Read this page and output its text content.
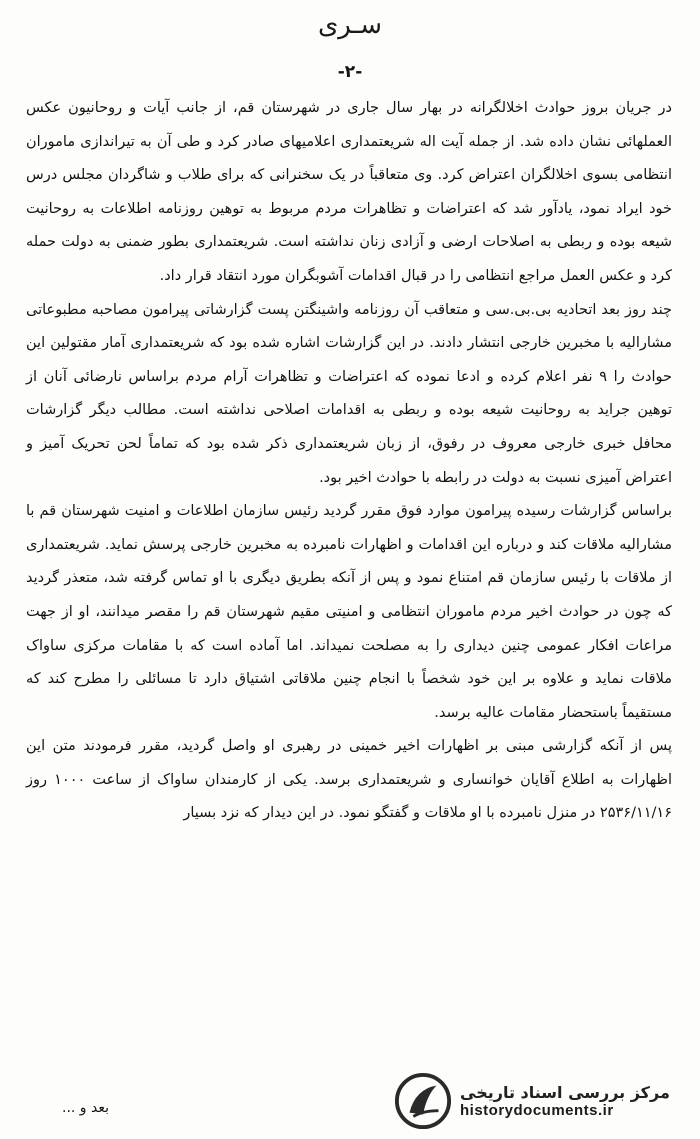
سـری
-۲-

در جریان بروز حوادث اخلالگرانه در بهار سال جاری در شهرستان قم، از جانب آیات و روحانیون عکس العملهائی نشان داده شد. از جمله آیت اله شریعتمداری اعلامیهای صادر کرد و طی آن به تیراندازی ماموران انتظامی بسوی اخلالگران اعتراض کرد. وی متعاقباً در یک سخنرانی که برای طلاب و شاگردان مجلس درس خود ایراد نمود، یادآور شد که اعتراضات و تظاهرات مردم مربوط به توهین روزنامه اطلاعات به روحانیت شیعه بوده و ربطی به اصلاحات ارضی و آزادی زنان نداشته است. شریعتمداری بطور ضمنی به دولت حمله کرد و عکس العمل مراجع انتظامی را در قبال اقدامات آشوبگران مورد انتقاد قرار داد.

چند روز بعد اتحادیه بی.بی.سی و متعاقب آن روزنامه واشینگتن پست گزارشاتی پیرامون مصاحبه مطبوعاتی مشارالیه با مخبرین خارجی انتشار دادند. در این گزارشات اشاره شده بود که شریعتمداری آمار مقتولین این حوادث را ۹ نفر اعلام کرده و ادعا نموده که اعتراضات و تظاهرات آرام مردم براساس نارضائی آنان از توهین جراید به روحانیت شیعه بوده و ربطی به اقدامات اصلاحی نداشته است. مطالب دیگر گزارشات محافل خبری خارجی معروف در رفوق، از زبان شریعتمداری ذکر شده بود که تماماً لحن تحریک آمیز و اعتراض آمیزی نسبت به دولت در رابطه با حوادث اخیر بود.

براساس گزارشات رسیده پیرامون موارد فوق مقرر گردید رئیس سازمان اطلاعات و امنیت شهرستان قم با مشارالیه ملاقات کند و درباره این اقدامات و اظهارات نامبرده به مخبرین خارجی پرسش نماید. شریعتمداری از ملاقات با رئیس سازمان قم امتناع نمود و پس از آنکه بطریق دیگری با او تماس گرفته شد، متعذر گردید که چون در حوادث اخیر مردم ماموران انتظامی و امنیتی مقیم شهرستان قم را مقصر میدانند، او از جهت مراعات افکار عمومی چنین دیداری را به مصلحت نمیداند. اما آماده است که با مقامات مرکزی ساواک ملاقات نماید و علاوه بر این خود شخصاً با انجام چنین ملاقاتی اشتیاق دارد تا مسائلی را مطرح کند که مستقیماً باستحضار مقامات عالیه برسد.

پس از آنکه گزارشی مبنی بر اظهارات اخیر خمینی در رهبری او واصل گردید، مقرر فرمودند متن این اظهارات به اطلاع آقایان خوانساری و شریعتمداری برسد. یکی از کارمندان ساواک از ساعت ۱۰۰۰ روز ۲۵۳۶/۱۱/۱۶ در منزل نامبرده با او ملاقات و گفتگو نمود. در این دیدار که نزد بسیار

بعد و ...
مرکز بررسی اسناد تاریخی
historydocuments.ir
